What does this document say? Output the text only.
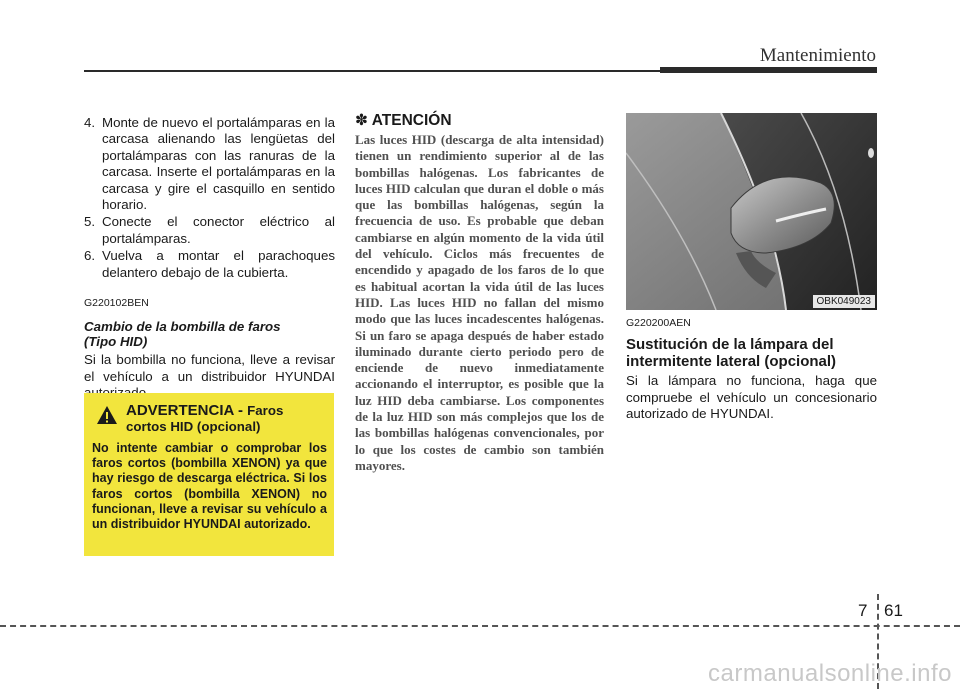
Mantenimiento
4. Monte de nuevo el portalámparas en la carcasa alienando las lengüetas del portalámparas con las ranuras de la carcasa. Inserte el portalámparas en la carcasa y gire el casquillo en sentido horario.
5. Conecte el conector eléctrico al portalámparas.
6. Vuelva a montar el parachoques delantero debajo de la cubierta.
G220102BEN
Cambio de la bombilla de faros
(Tipo HID)
Si la bombilla no funciona, lleve a revisar el vehículo a un distribuidor HYUNDAI
ADVERTENCIA - Faros cortos HID (opcional)
No intente cambiar o comprobar los faros cortos (bombilla XENON) ya que hay riesgo de descarga eléctrica. Si los faros cortos (bombilla XENON) no funcionan, lleve a revisar su vehículo a un distribuidor HYUNDAI autorizado.
✽ ATENCIÓN
Las luces HID (descarga de alta intensidad) tienen un rendimiento superior al de las bombillas halógenas. Los fabricantes de luces HID calculan que duran el doble o más que las bombillas halógenas, según la frecuencia de uso. Es probable que deban cambiarse en algún momento de la vida útil del vehículo. Ciclos más frecuentes de encendido y apagado de los faros de lo que es habitual acortan la vida útil de las luces HID. Las luces HID no fallan del mismo modo que las luces incadescentes halógenas. Si un faro se apaga después de haber estado iluminado durante cierto periodo pero de enciende de nuevo inmediatamente accionando el interruptor, es posible que la luz HID deba cambiarse. Los componentes de la luz HID son más complejos que los de las bombillas halógenas convencionales, por lo que los costes de cambio son también mayores.
OBK049023
G220200AEN
Sustitución de la lámpara del intermitente lateral (opcional)
Si la lámpara no funciona, haga que compruebe el vehículo un concesionario autorizado de HYUNDAI.
7 61
carmanualsonline.info
